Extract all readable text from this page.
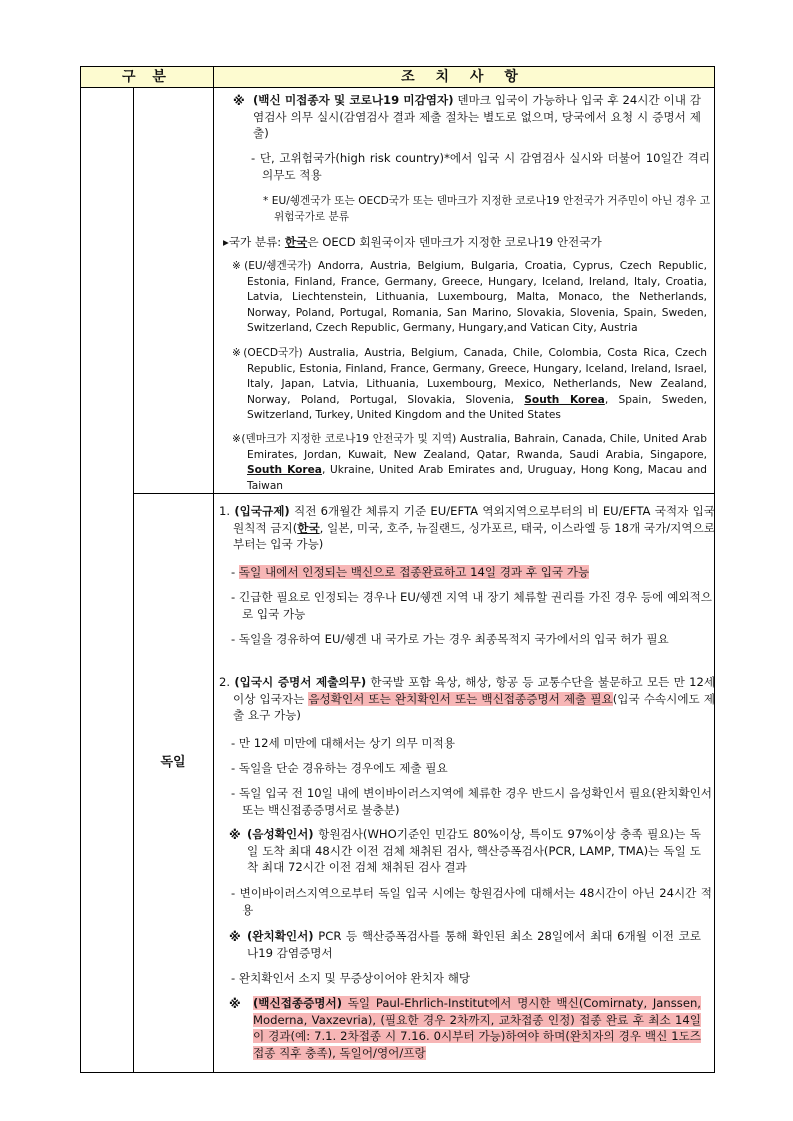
구 분	조 치 사 항
독일
※ (백신 미접종자 및 코로나19 미감염자) 덴마크 입국이 가능하나 입국 후 24시간 이내 감염검사 의무 실시(감염검사 결과 제출 절차는 별도로 없으며, 당국에서 요청 시 증명서 제출)
- 단, 고위험국가(high risk country)*에서 입국 시 감염검사 실시와 더불어 10일간 격리 의무도 적용
* EU/쉥겐국가 또는 OECD국가 또는 덴마크가 지정한 코로나19 안전국가 거주민이 아닌 경우 고위험국가로 분류
▸국가 분류: 한국은 OECD 회원국이자 덴마크가 지정한 코로나19 안전국가
※(EU/쉥겐국가) Andorra, Austria, Belgium, Bulgaria, Croatia, Cyprus, Czech Republic, Estonia, Finland, France, Germany, Greece, Hungary, Iceland, Ireland, Italy, Croatia, Latvia, Liechtenstein, Lithuania, Luxembourg, Malta, Monaco, the Netherlands, Norway, Poland, Portugal, Romania, San Marino, Slovakia, Slovenia, Spain, Sweden, Switzerland, Czech Republic, Germany, Hungary,and Vatican City, Austria
※(OECD국가) Australia, Austria, Belgium, Canada, Chile, Colombia, Costa Rica, Czech Republic, Estonia, Finland, France, Germany, Greece, Hungary, Iceland, Ireland, Israel, Italy, Japan, Latvia, Lithuania, Luxembourg, Mexico, Netherlands, New Zealand, Norway, Poland, Portugal, Slovakia, Slovenia, South Korea, Spain, Sweden, Switzerland, Turkey, United Kingdom and the United States
※(덴마크가 지정한 코로나19 안전국가 및 지역) Australia, Bahrain, Canada, Chile, United Arab Emirates, Jordan, Kuwait, New Zealand, Qatar, Rwanda, Saudi Arabia, Singapore, South Korea, Ukraine, United Arab Emirates and, Uruguay, Hong Kong, Macau and Taiwan
1. (입국규제) 직전 6개월간 체류지 기준 EU/EFTA 역외지역으로부터의 비 EU/EFTA 국적자 입국 원칙적 금지(한국, 일본, 미국, 호주, 뉴질랜드, 싱가포르, 태국, 이스라엘 등 18개 국가/지역으로부터는 입국 가능)
- 독일 내에서 인정되는 백신으로 접종완료하고 14일 경과 후 입국 가능
- 긴급한 필요로 인정되는 경우나 EU/쉥겐 지역 내 장기 체류할 권리를 가진 경우 등에 예외적으로 입국 가능
- 독일을 경유하여 EU/쉥겐 내 국가로 가는 경우 최종목적지 국가에서의 입국 허가 필요
2. (입국시 증명서 제출의무) 한국발 포함 육상, 해상, 항공 등 교통수단을 불문하고 모든 만 12세 이상 입국자는 음성확인서 또는 완치확인서 또는 백신접종증명서 제출 필요(입국 수속시에도 제출 요구 가능)
- 만 12세 미만에 대해서는 상기 의무 미적용
- 독일을 단순 경유하는 경우에도 제출 필요
- 독일 입국 전 10일 내에 변이바이러스지역에 체류한 경우 반드시 음성확인서 필요(완치확인서 또는 백신접종증명서로 불충분)
※ (음성확인서) 항원검사(WHO기준인 민감도 80%이상, 특이도 97%이상 충족 필요)는 독일 도착 최대 48시간 이전 검체 채취된 검사, 핵산증폭검사(PCR, LAMP, TMA)는 독일 도착 최대 72시간 이전 검체 채취된 검사 결과
- 변이바이러스지역으로부터 독일 입국 시에는 항원검사에 대해서는 48시간이 아닌 24시간 적용
※ (완치확인서) PCR 등 핵산증폭검사를 통해 확인된 최소 28일에서 최대 6개월 이전 코로나19 감염증명서
- 완치확인서 소지 및 무증상이어야 완치자 해당
※ (백신접종증명서) 독일 Paul-Ehrlich-Institut에서 명시한 백신(Comirnaty, Janssen, Moderna, Vaxzevria), (필요한 경우 2차까지, 교차접종 인정) 접종 완료 후 최소 14일이 경과(예: 7.1. 2차접종 시 7.16. 0시부터 가능)하여야 하며(완치자의 경우 백신 1도즈 접종 직후 충족), 독일어/영어/프랑
